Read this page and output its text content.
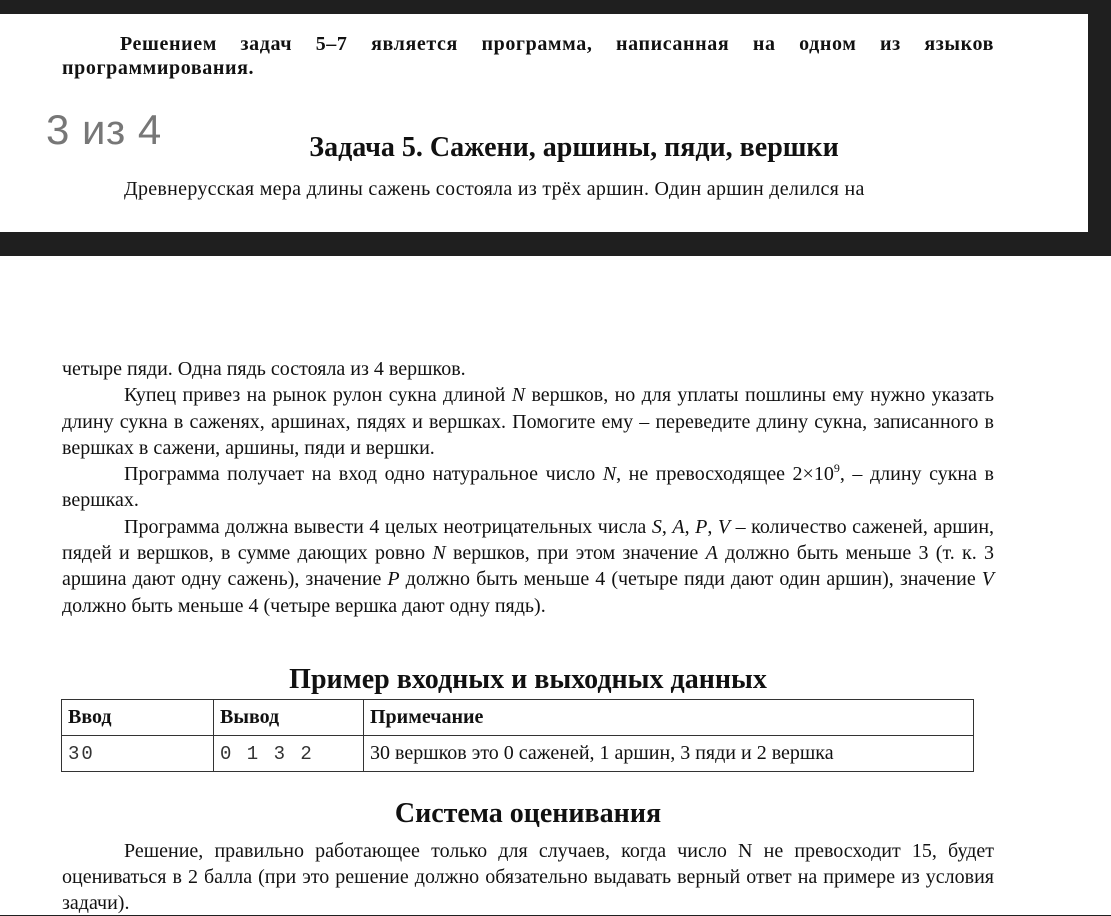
Решением задач 5–7 является программа, написанная на одном из языков программирования.
3 из 4	Задача 5. Сажени, аршины, пяди, вершки
Древнерусская мера длины сажень состояла из трёх аршин. Один аршин делился на

четыре пяди. Одна пядь состояла из 4 вершков.

Купец привез на рынок рулон сукна длиной N вершков, но для уплаты пошлины ему нужно указать длину сукна в саженях, аршинах, пядях и вершках. Помогите ему – переведите длину сукна, записанного в вершках в сажени, аршины, пяди и вершки.

Программа получает на вход одно натуральное число N, не превосходящее $2\times 10^9$, – длину сукна в вершках.

Программа должна вывести 4 целых неотрицательных числа S, A, P, V – количество саженей, аршин, пядей и вершков, в сумме дающих ровно N вершков, при этом значение A должно быть меньше 3 (т. к. 3 аршина дают одну сажень), значение P должно быть меньше 4 (четыре пяди дают один аршин), значение V должно быть меньше 4 (четыре вершка дают одну пядь).

Пример входных и выходных данных
Ввод	Вывод	Примечание
30	0 1 3 2	30 вершков это 0 саженей, 1 аршин, 3 пяди и 2 вершка
Система оценивания
Решение, правильно работающее только для случаев, когда число N не превосходит 15, будет оцениваться в 2 балла (при это решение должно обязательно выдавать верный ответ на примере из условия задачи).
